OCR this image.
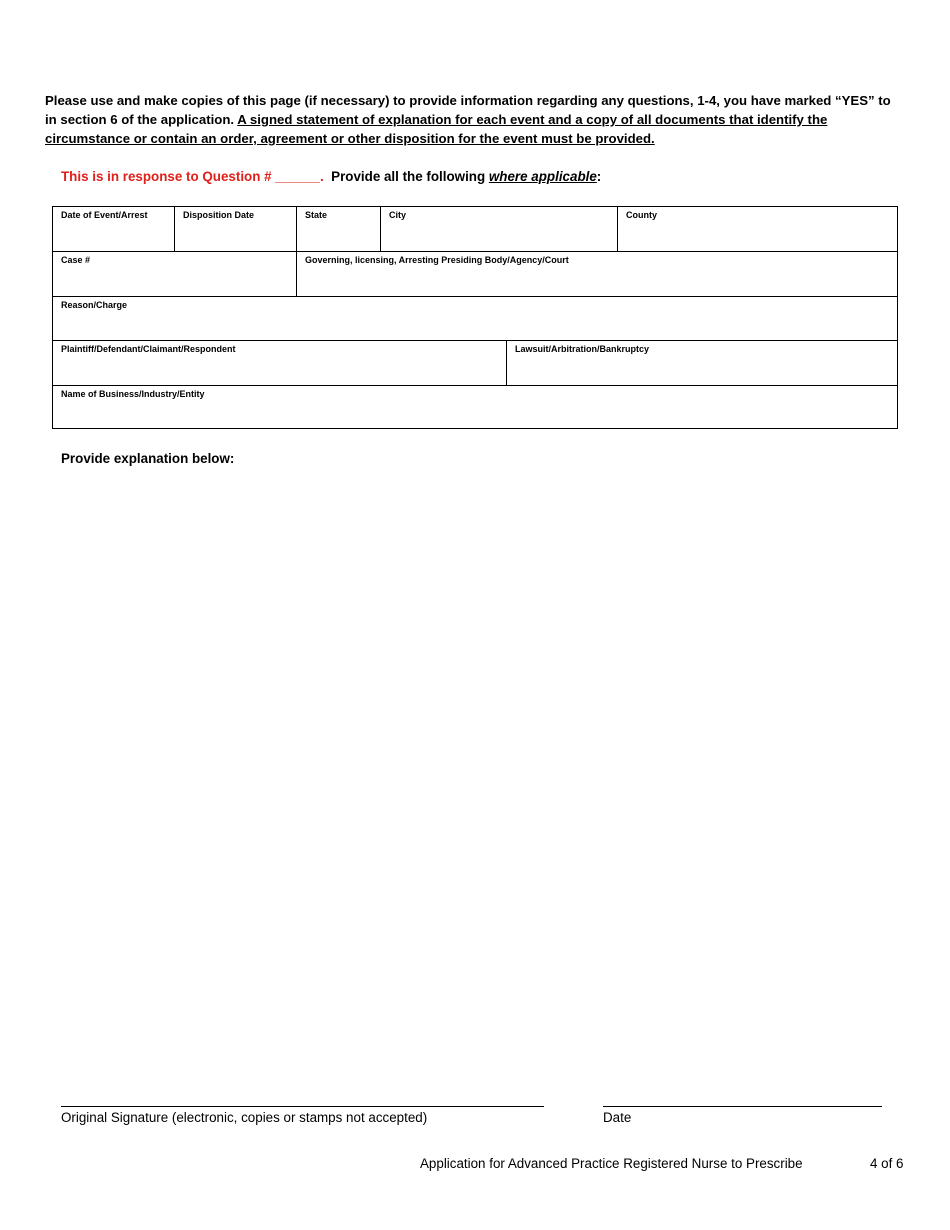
Please use and make copies of this page (if necessary) to provide information regarding any questions, 1-4, you have marked “YES” to in section 6 of the application. A signed statement of explanation for each event and a copy of all documents that identify the circumstance or contain an order, agreement or other disposition for the event must be provided.
This is in response to Question # ______.  Provide all the following where applicable:
Date of Event/Arrest	Disposition Date	State	City	County
Case #	Governing, licensing, Arresting Presiding Body/Agency/Court
Reason/Charge
Plaintiff/Defendant/Claimant/Respondent	Lawsuit/Arbitration/Bankruptcy
Name of Business/Industry/Entity
Provide explanation below:
Original Signature (electronic, copies or stamps not accepted)	Date
Application for Advanced Practice Registered Nurse to Prescribe	4 of 6
